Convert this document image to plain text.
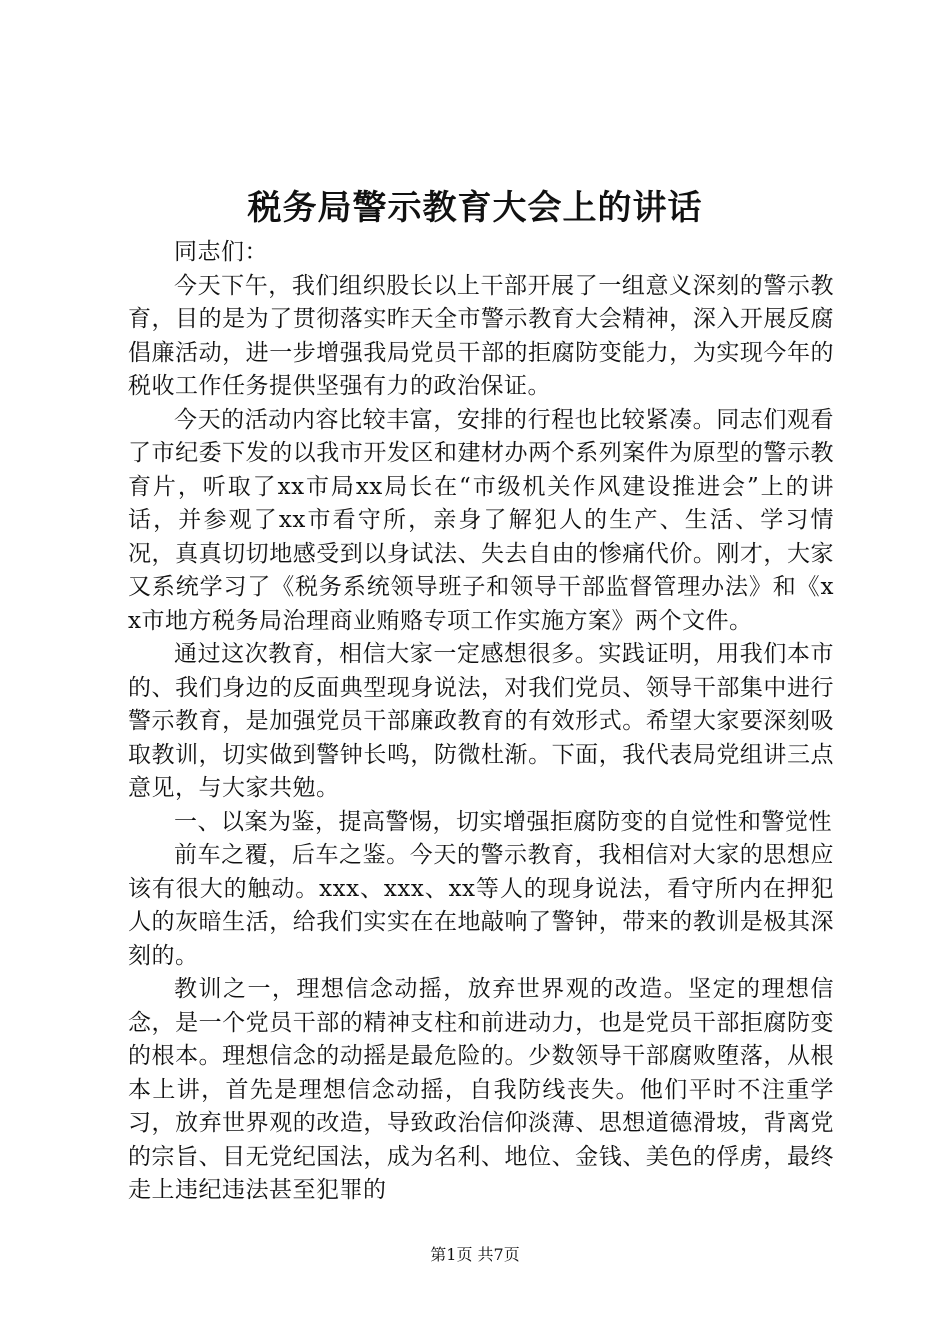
税务局警示教育大会上的讲话

同志们：

今天下午，我们组织股长以上干部开展了一组意义深刻的警示教育，目的是为了贯彻落实昨天全市警示教育大会精神，深入开展反腐倡廉活动，进一步增强我局党员干部的拒腐防变能力，为实现今年的税收工作任务提供坚强有力的政治保证。

今天的活动内容比较丰富，安排的行程也比较紧凑。同志们观看了市纪委下发的以我市开发区和建材办两个系列案件为原型的警示教育片，听取了xx市局xx局长在“市级机关作风建设推进会”上的讲话，并参观了xx市看守所，亲身了解犯人的生产、生活、学习情况，真真切切地感受到以身试法、失去自由的惨痛代价。刚才，大家又系统学习了《税务系统领导班子和领导干部监督管理办法》和《xx市地方税务局治理商业贿赂专项工作实施方案》两个文件。

通过这次教育，相信大家一定感想很多。实践证明，用我们本市的、我们身边的反面典型现身说法，对我们党员、领导干部集中进行警示教育，是加强党员干部廉政教育的有效形式。希望大家要深刻吸取教训，切实做到警钟长鸣，防微杜渐。下面，我代表局党组讲三点意见，与大家共勉。

一、以案为鉴，提高警惕，切实增强拒腐防变的自觉性和警觉性

前车之覆，后车之鉴。今天的警示教育，我相信对大家的思想应该有很大的触动。xxx、xxx、xx等人的现身说法，看守所内在押犯人的灰暗生活，给我们实实在在地敲响了警钟，带来的教训是极其深刻的。

教训之一，理想信念动摇，放弃世界观的改造。坚定的理想信念，是一个党员干部的精神支柱和前进动力，也是党员干部拒腐防变的根本。理想信念的动摇是最危险的。少数领导干部腐败堕落，从根本上讲，首先是理想信念动摇，自我防线丧失。他们平时不注重学习，放弃世界观的改造，导致政治信仰淡薄、思想道德滑坡，背离党的宗旨、目无党纪国法，成为名利、地位、金钱、美色的俘虏，最终走上违纪违法甚至犯罪的

第1页 共7页
